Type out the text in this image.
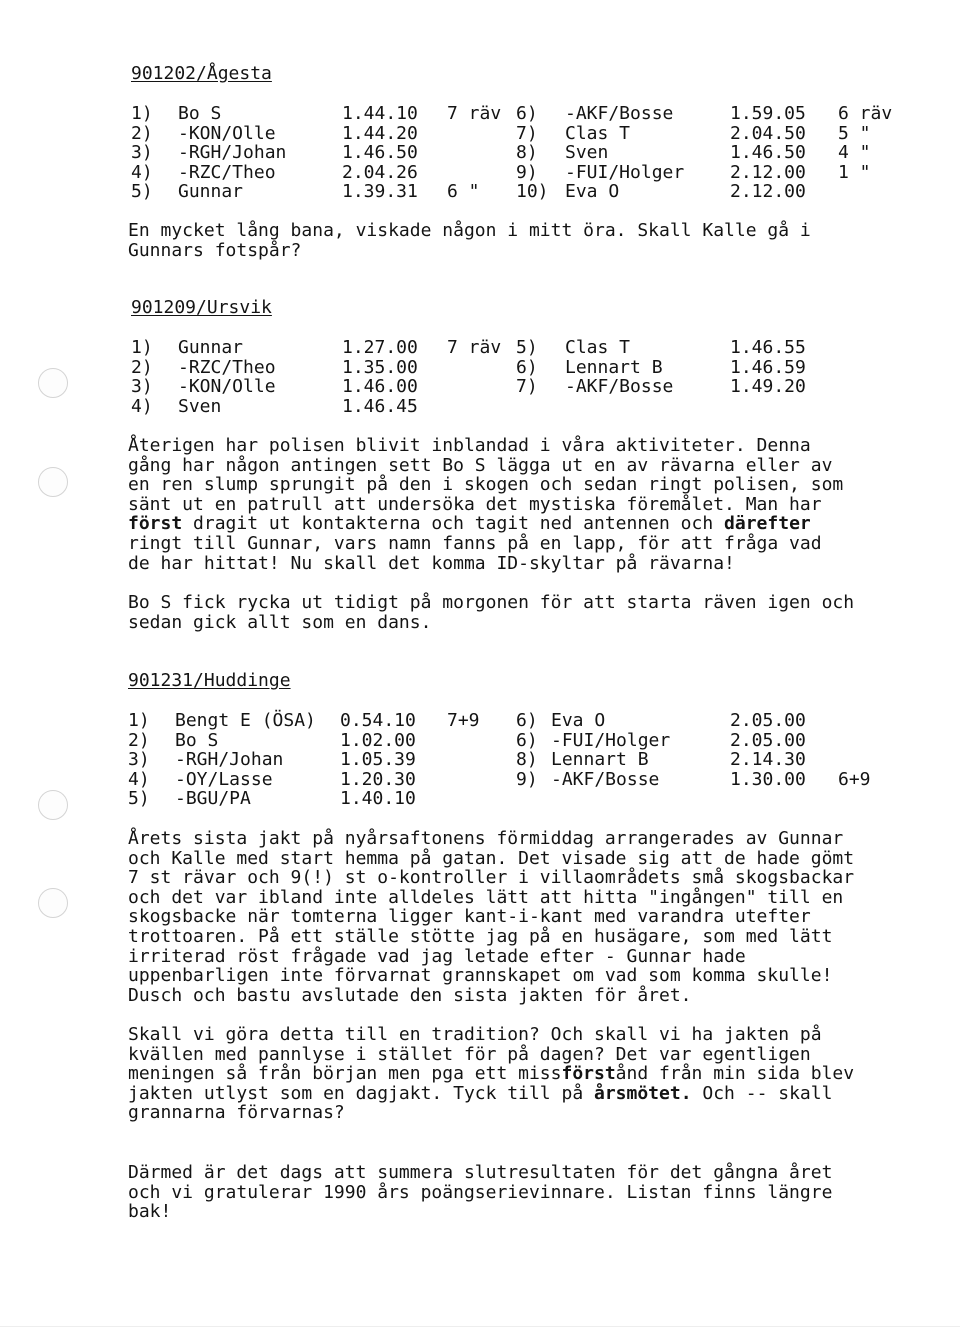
901202/Ågesta
1) Bo S	1.44.10 7 räv 6) -AKF/Bosse	1.59.05 6 räv
2) -KON/Olle	1.44.20	7) Clas T	2.04.50 5 "
3) -RGH/Johan	1.46.50	8) Sven	1.46.50 4 "
4) -RZC/Theo	2.04.26	9) -FUI/Holger	2.12.00 1 "
5) Gunnar	1.39.31 6 " 10) Eva O	2.12.00
En mycket lång bana, viskade någon i mitt öra. Skall Kalle gå i
Gunnars fotspår?
901209/Ursvik
1) Gunnar	1.27.00 7 räv 5) Clas T	1.46.55
2) -RZC/Theo	1.35.00	6) Lennart B	1.46.59
3) -KON/Olle	1.46.00	7) -AKF/Bosse	1.49.20
4) Sven	1.46.45
Återigen har polisen blivit inblandad i våra aktiviteter. Denna
gång har någon antingen sett Bo S lägga ut en av rävarna eller av
en ren slump sprungit på den i skogen och sedan ringt polisen, som
sänt ut en patrull att undersöka det mystiska föremålet. Man har
först dragit ut kontakterna och tagit ned antennen och därefter
ringt till Gunnar, vars namn fanns på en lapp, för att fråga vad
de har hittat! Nu skall det komma ID-skyltar på rävarna!
Bo S fick rycka ut tidigt på morgonen för att starta räven igen och
sedan gick allt som en dans.
901231/Huddinge
1) Bengt E (ÖSA) 0.54.10 7+9 6) Eva O	2.05.00
2) Bo S	1.02.00	6) -FUI/Holger	2.05.00
3) -RGH/Johan	1.05.39	8) Lennart B	2.14.30
4) -OY/Lasse	1.20.30	9) -AKF/Bosse	1.30.00 6+9
5) -BGU/PA	1.40.10
Årets sista jakt på nyårsaftonens förmiddag arrangerades av Gunnar
och Kalle med start hemma på gatan. Det visade sig att de hade gömt
7 st rävar och 9(!) st o-kontroller i villaområdets små skogsbackar
och det var ibland inte alldeles lätt att hitta "ingången" till en
skogsbacke när tomterna ligger kant-i-kant med varandra utefter
trottoaren. På ett ställe stötte jag på en husägare, som med lätt
irriterad röst frågade vad jag letade efter - Gunnar hade
uppenbarligen inte förvarnat grannskapet om vad som komma skulle!
Dusch och bastu avslutade den sista jakten för året.
Skall vi göra detta till en tradition? Och skall vi ha jakten på
kvällen med pannlyse i stället för på dagen? Det var egentligen
meningen så från början men pga ett missförstånd från min sida blev
jakten utlyst som en dagjakt. Tyck till på årsmötet. Och -- skall
grannarna förvarnas?
Därmed är det dags att summera slutresultaten för det gångna året
och vi gratulerar 1990 års poängserievinnare. Listan finns längre
bak!
